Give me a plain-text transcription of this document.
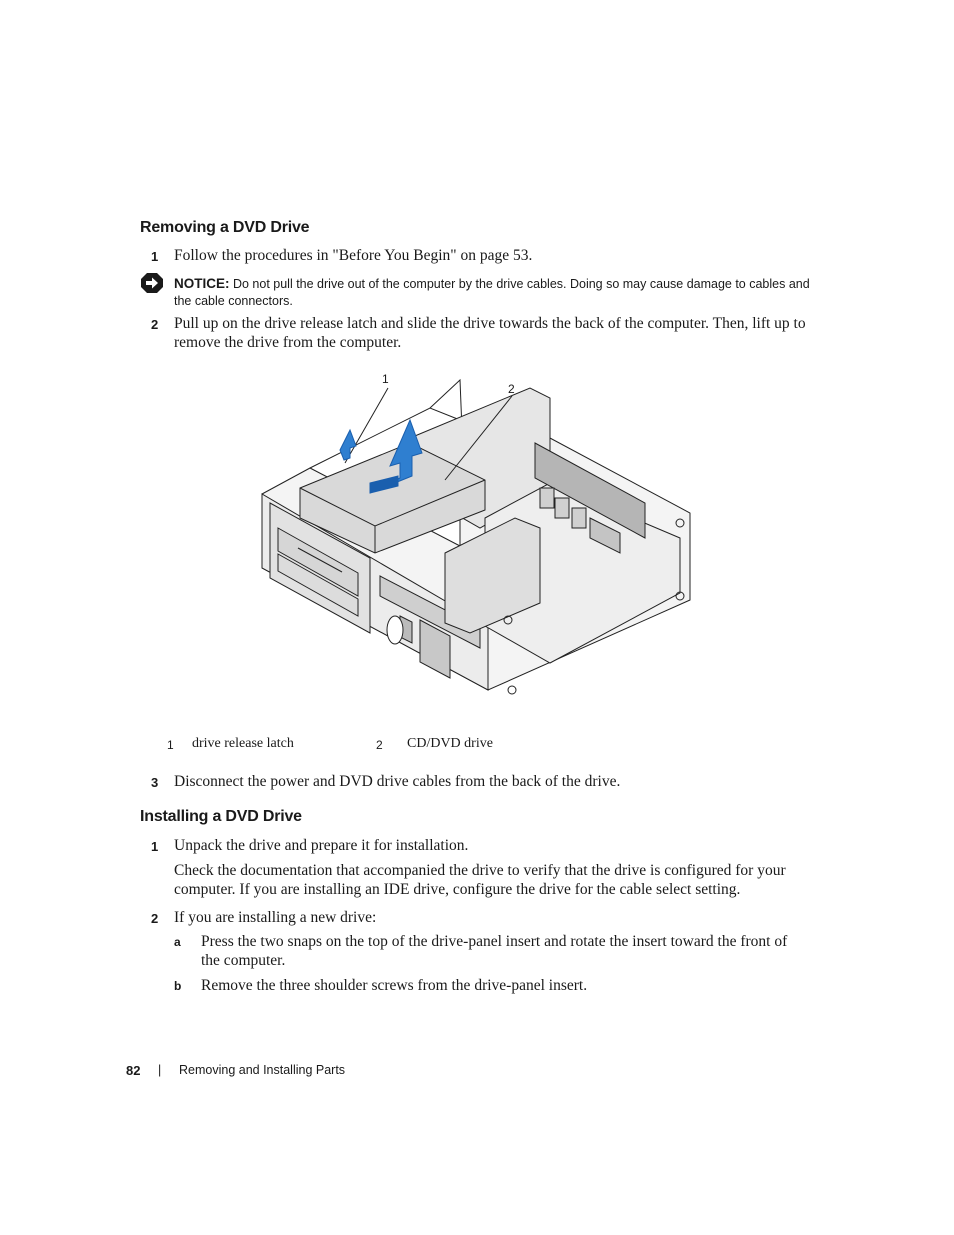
Removing a DVD Drive
1 Follow the procedures in "Before You Begin" on page 53.
NOTICE: Do not pull the drive out of the computer by the drive cables. Doing so may cause damage to cables and
the cable connectors.
2 Pull up on the drive release latch and slide the drive towards the back of the computer. Then, lift up to
remove the drive from the computer.
1
2
1 drive release latch	2 CD/DVD drive
3 Disconnect the power and DVD drive cables from the back of the drive.
Installing a DVD Drive
1 Unpack the drive and prepare it for installation.
Check the documentation that accompanied the drive to verify that the drive is configured for your
computer. If you are installing an IDE drive, configure the drive for the cable select setting.
2 If you are installing a new drive:
a Press the two snaps on the top of the drive-panel insert and rotate the insert toward the front of
the computer.
b Remove the three shoulder screws from the drive-panel insert.
82 | Removing and Installing Parts
